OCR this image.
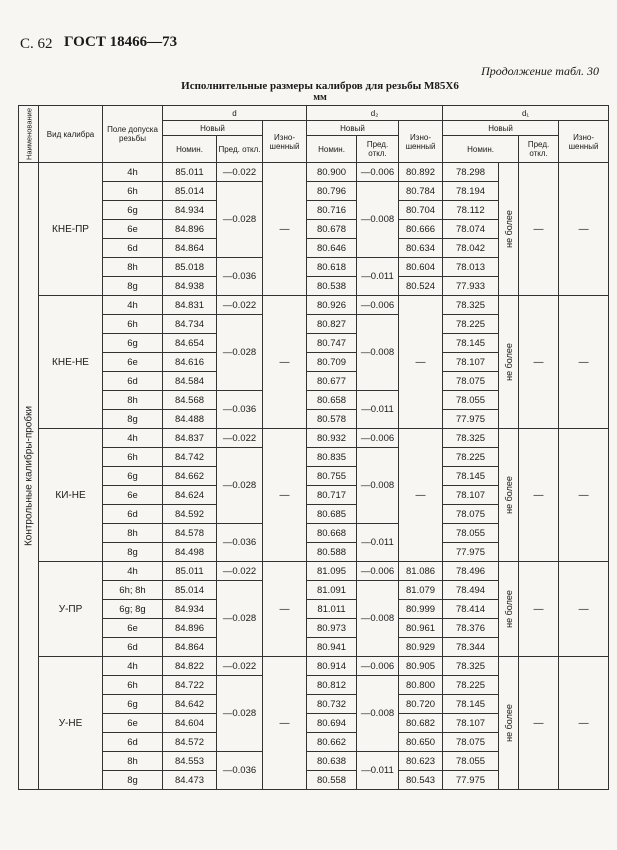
С. 62 ГОСТ 18466—73
Продолжение табл. 30
Исполнительные размеры калибров для резьбы М85Х6
мм
Наименование	Вид калибра	Поле допуска резьбы	d			d₂			d₁			
			Новый		Изно- шенный	Новый		Изно- шенный	Новый			Изно- шенный
			Номин.	Пред. откл.		Номин.	Пред. откл.		Номин.		Пред. откл.	

Контрольные калибры-пробки	КНЕ-ПР	4h	85.011	—0.022	—	80.900	—0.006	80.892	78.298	не более	—	—
		6h	85.014	—0.028		80.796	—0.008	80.784	78.194			
		6g	84.934			80.716		80.704	78.112			
		6e	84.896			80.678		80.666	78.074			
		6d	84.864			80.646		80.634	78.042			
		8h	85.018	—0.036		80.618	—0.011	80.604	78.013			
		8g	84.938			80.538		80.524	77.933			
	КНЕ-НЕ	4h	84.831	—0.022	—	80.926	—0.006	—	78.325	не более	—	—
		6h	84.734	—0.028		80.827	—0.008		78.225			
		6g	84.654			80.747			78.145			
		6e	84.616			80.709			78.107			
		6d	84.584			80.677			78.075			
		8h	84.568	—0.036		80.658	—0.011		78.055			
		8g	84.488			80.578			77.975			
	КИ-НЕ	4h	84.837	—0.022	—	80.932	—0.006	—	78.325	не более	—	—
		6h	84.742	—0.028		80.835	—0.008		78.225			
		6g	84.662			80.755			78.145			
		6e	84.624			80.717			78.107			
		6d	84.592			80.685			78.075			
		8h	84.578	—0.036		80.668	—0.011		78.055			
		8g	84.498			80.588			77.975			
	У-ПР	4h	85.011	—0.022	—	81.095	—0.006	81.086	78.496	не более	—	—
		6h; 8h	85.014	—0.028		81.091	—0.008	81.079	78.494			
		6g; 8g	84.934			81.011		80.999	78.414			
		6e	84.896			80.973		80.961	78.376			
		6d	84.864			80.941		80.929	78.344			
	У-НЕ	4h	84.822	—0.022	—	80.914	—0.006	80.905	78.325	не более	—	—
		6h	84.722	—0.028		80.812	—0.008	80.800	78.225			
		6g	84.642			80.732		80.720	78.145			
		6e	84.604			80.694		80.682	78.107			
		6d	84.572			80.662		80.650	78.075			
		8h	84.553	—0.036		80.638	—0.011	80.623	78.055			
		8g	84.473			80.558		80.543	77.975			
